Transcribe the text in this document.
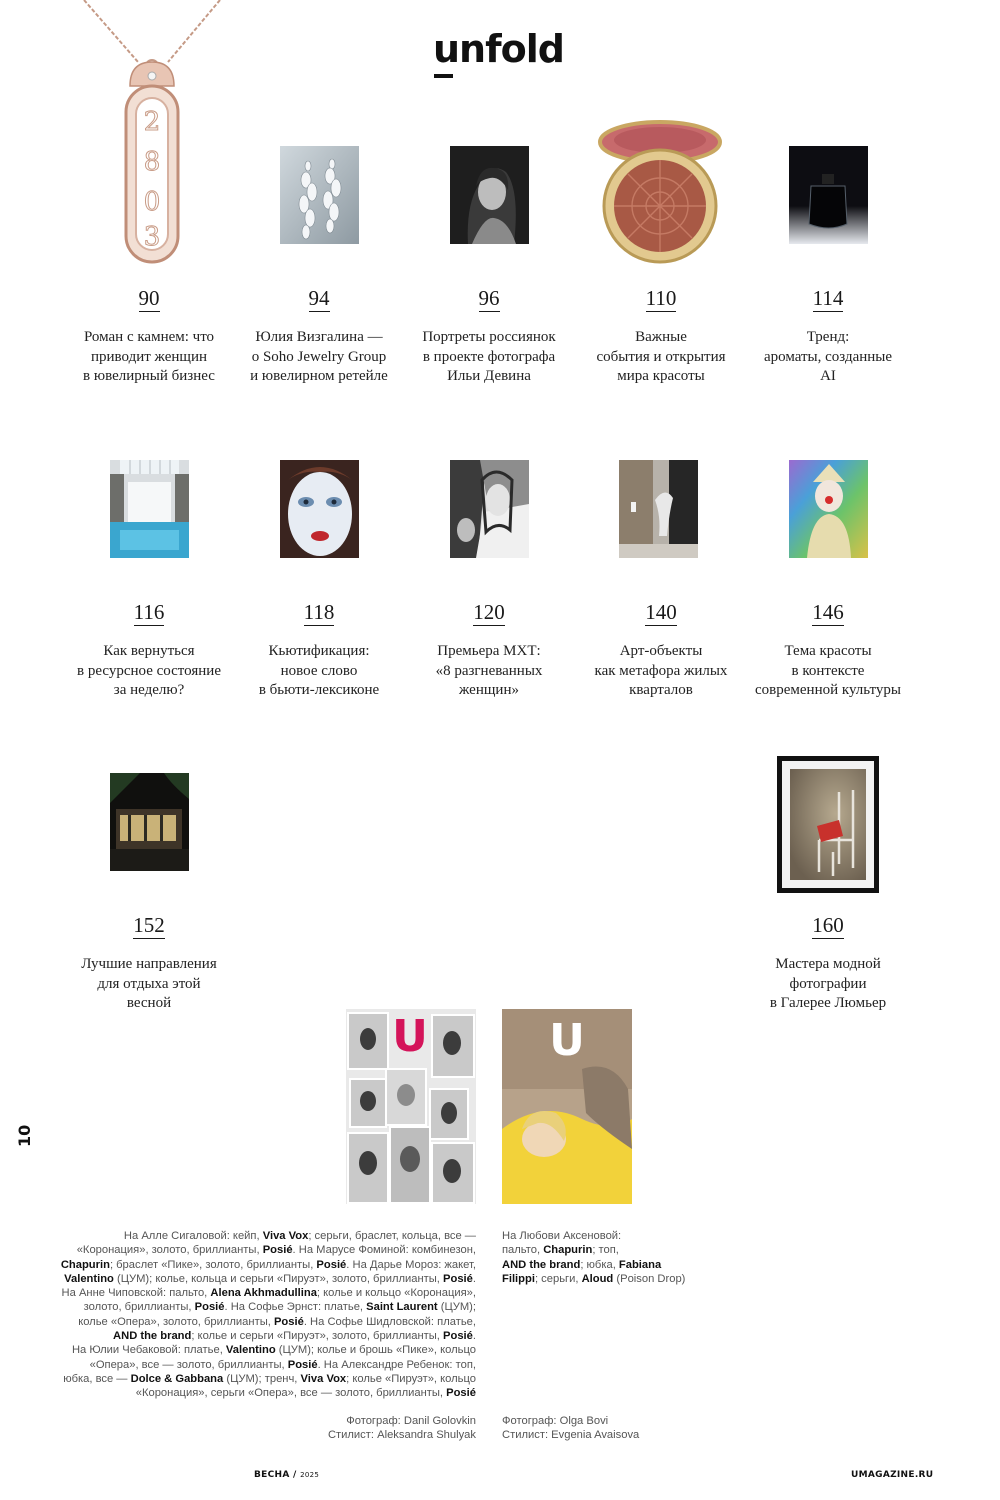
unfold
10
2
8
0
3
90
Роман с камнем: что
приводит женщин
в ювелирный бизнес
94
Юлия Визгалина —
о Soho Jewelry Group
и ювелирном ретейле
96
Портреты россиянок
в проекте фотографа
Ильи Девина
110
Важные
события и открытия
мира красоты
114
Тренд:
ароматы, созданные
AI
116
Как вернуться
в ресурсное состояние
за неделю?
118
Кьютификация:
новое слово
в бьюти-лексиконе
120
Премьера МХТ:
«8 разгневанных
женщин»
140
Арт-объекты
как метафора жилых
кварталов
146
Тема красоты
в контексте
современной культуры
152
Лучшие направления
для отдыха этой
весной
160
Мастера модной
фотографии
в Галерее Люмьер
U	U
На Алле Сигаловой: кейп, Viva Vox; серьги, браслет, кольца, все —
«Коронация», золото, бриллианты, Posié. На Марусе Фоминой: комбинезон,
Chapurin; браслет «Пике», золото, бриллианты, Posié. На Дарье Мороз: жакет,
Valentino (ЦУМ); колье, кольца и серьги «Пируэт», золото, бриллианты, Posié.
На Анне Чиповской: пальто, Alena Akhmadullina; колье и кольцо «Коронация»,
золото, бриллианты, Posié. На Софье Эрнст: платье, Saint Laurent (ЦУМ);
колье «Опера», золото, бриллианты, Posié. На Софье Шидловской: платье,
AND the brand; колье и серьги «Пируэт», золото, бриллианты, Posié.
На Юлии Чебаковой: платье, Valentino (ЦУМ); колье и брошь «Пике», кольцо
«Опера», все — золото, бриллианты, Posié. На Александре Ребенок: топ,
юбка, все — Dolce & Gabbana (ЦУМ); тренч, Viva Vox; колье «Пируэт», кольцо
«Коронация», серьги «Опера», все — золото, бриллианты, Posié
На Любови Аксеновой:
пальто, Chapurin; топ,
AND the brand; юбка, Fabiana
Filippi; серьги, Aloud (Poison Drop)
Фотограф: Danil Golovkin
Стилист: Aleksandra Shulyak
Фотограф: Olga Bovi
Стилист: Evgenia Avaisova
ВЕСНА / 2025	UMAGAZINE.RU
